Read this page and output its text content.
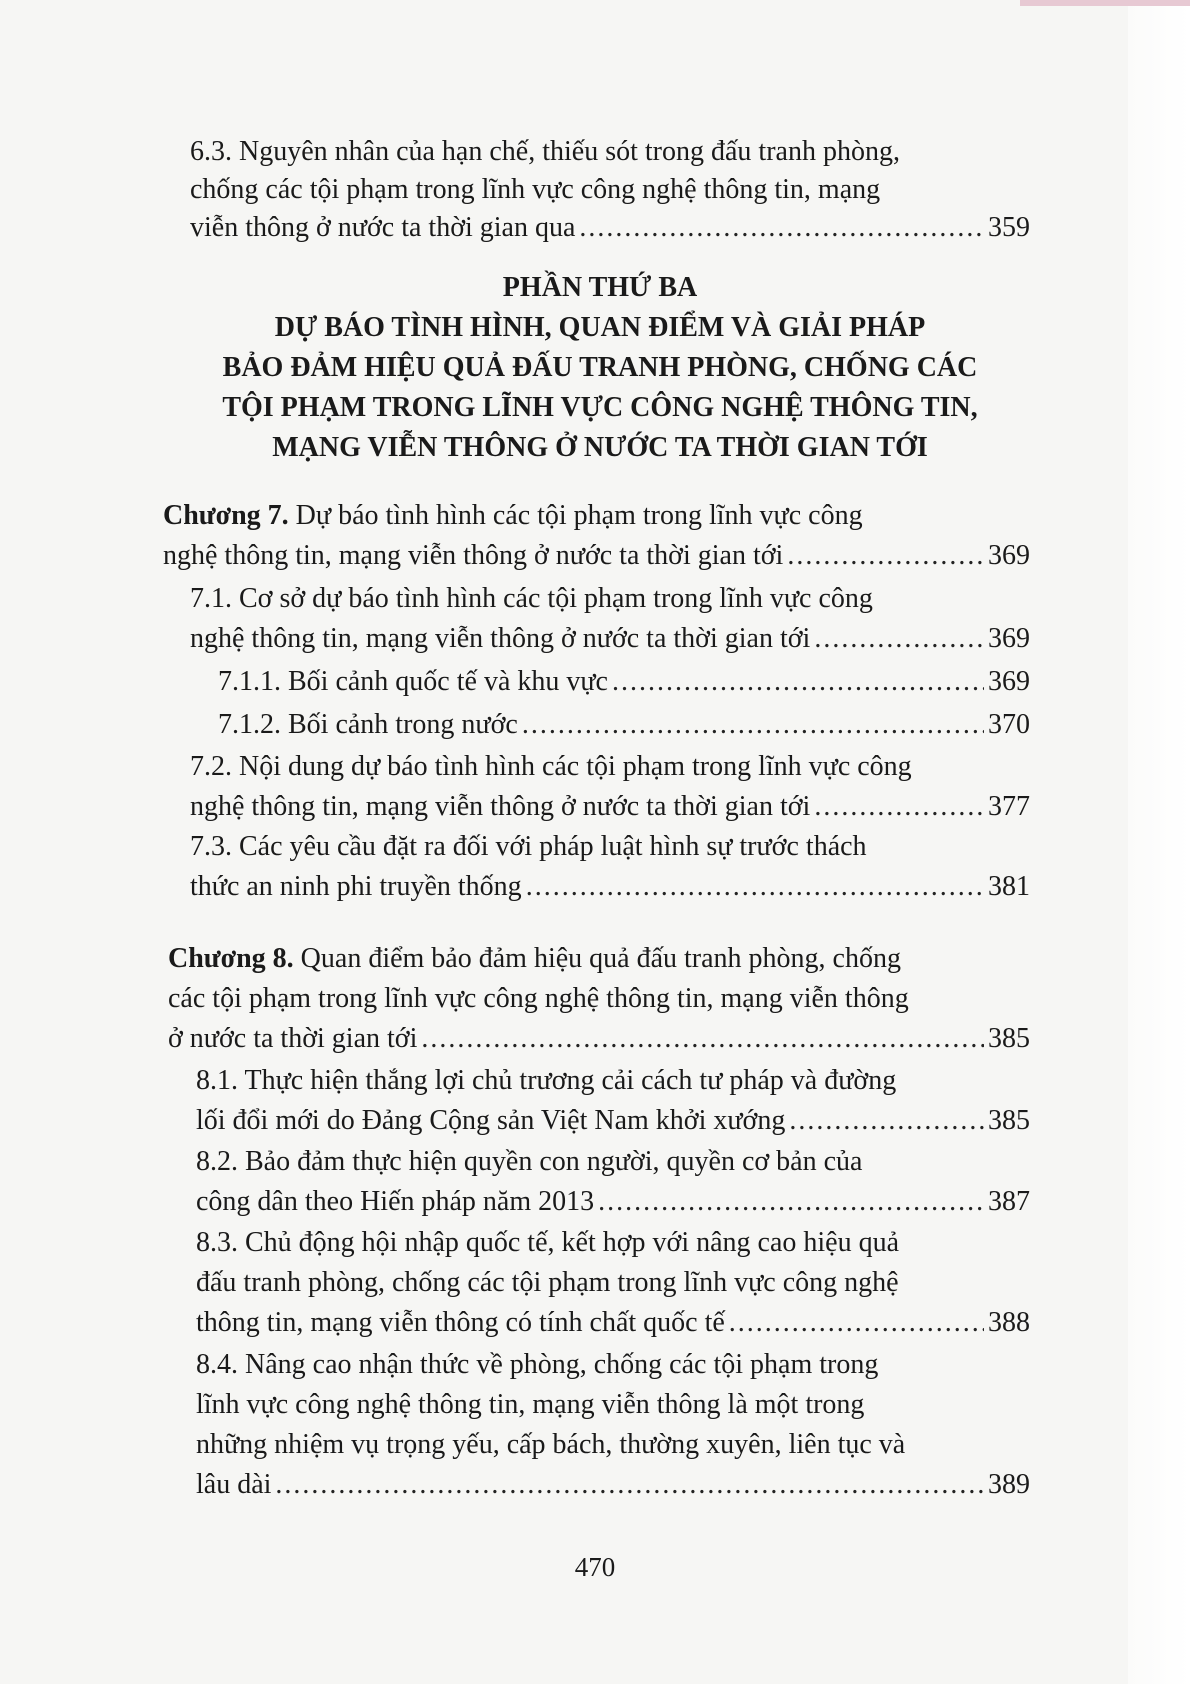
6.3. Nguyên nhân của hạn chế, thiếu sót trong đấu tranh phòng,
chống các tội phạm trong lĩnh vực công nghệ thông tin, mạng
viễn thông ở nước ta thời gian qua .....	359
PHẦN THỨ BA
DỰ BÁO TÌNH HÌNH, QUAN ĐIỂM VÀ GIẢI PHÁP
BẢO ĐẢM HIỆU QUẢ ĐẤU TRANH PHÒNG, CHỐNG CÁC
TỘI PHẠM TRONG LĨNH VỰC CÔNG NGHỆ THÔNG TIN,
MẠNG VIỄN THÔNG Ở NƯỚC TA THỜI GIAN TỚI
Chương 7. Dự báo tình hình các tội phạm trong lĩnh vực công
nghệ thông tin, mạng viễn thông ở nước ta thời gian tới .....	369
7.1. Cơ sở dự báo tình hình các tội phạm trong lĩnh vực công
nghệ thông tin, mạng viễn thông ở nước ta thời gian tới .....	369
7.1.1. Bối cảnh quốc tế và khu vực .....	369
7.1.2. Bối cảnh trong nước .....	370
7.2. Nội dung dự báo tình hình các tội phạm trong lĩnh vực công
nghệ thông tin, mạng viễn thông ở nước ta thời gian tới .....	377
7.3. Các yêu cầu đặt ra đối với pháp luật hình sự trước thách
thức an ninh phi truyền thống .....	381
Chương 8. Quan điểm bảo đảm hiệu quả đấu tranh phòng, chống
các tội phạm trong lĩnh vực công nghệ thông tin, mạng viễn thông
ở nước ta thời gian tới .....	385
8.1. Thực hiện thắng lợi chủ trương cải cách tư pháp và đường
lối đổi mới do Đảng Cộng sản Việt Nam khởi xướng .....	385
8.2. Bảo đảm thực hiện quyền con người, quyền cơ bản của
công dân theo Hiến pháp năm 2013 .....	387
8.3. Chủ động hội nhập quốc tế, kết hợp với nâng cao hiệu quả
đấu tranh phòng, chống các tội phạm trong lĩnh vực công nghệ
thông tin, mạng viễn thông có tính chất quốc tế .....	388
8.4. Nâng cao nhận thức về phòng, chống các tội phạm trong
lĩnh vực công nghệ thông tin, mạng viễn thông là một trong
những nhiệm vụ trọng yếu, cấp bách, thường xuyên, liên tục và
lâu dài .....	389
470
